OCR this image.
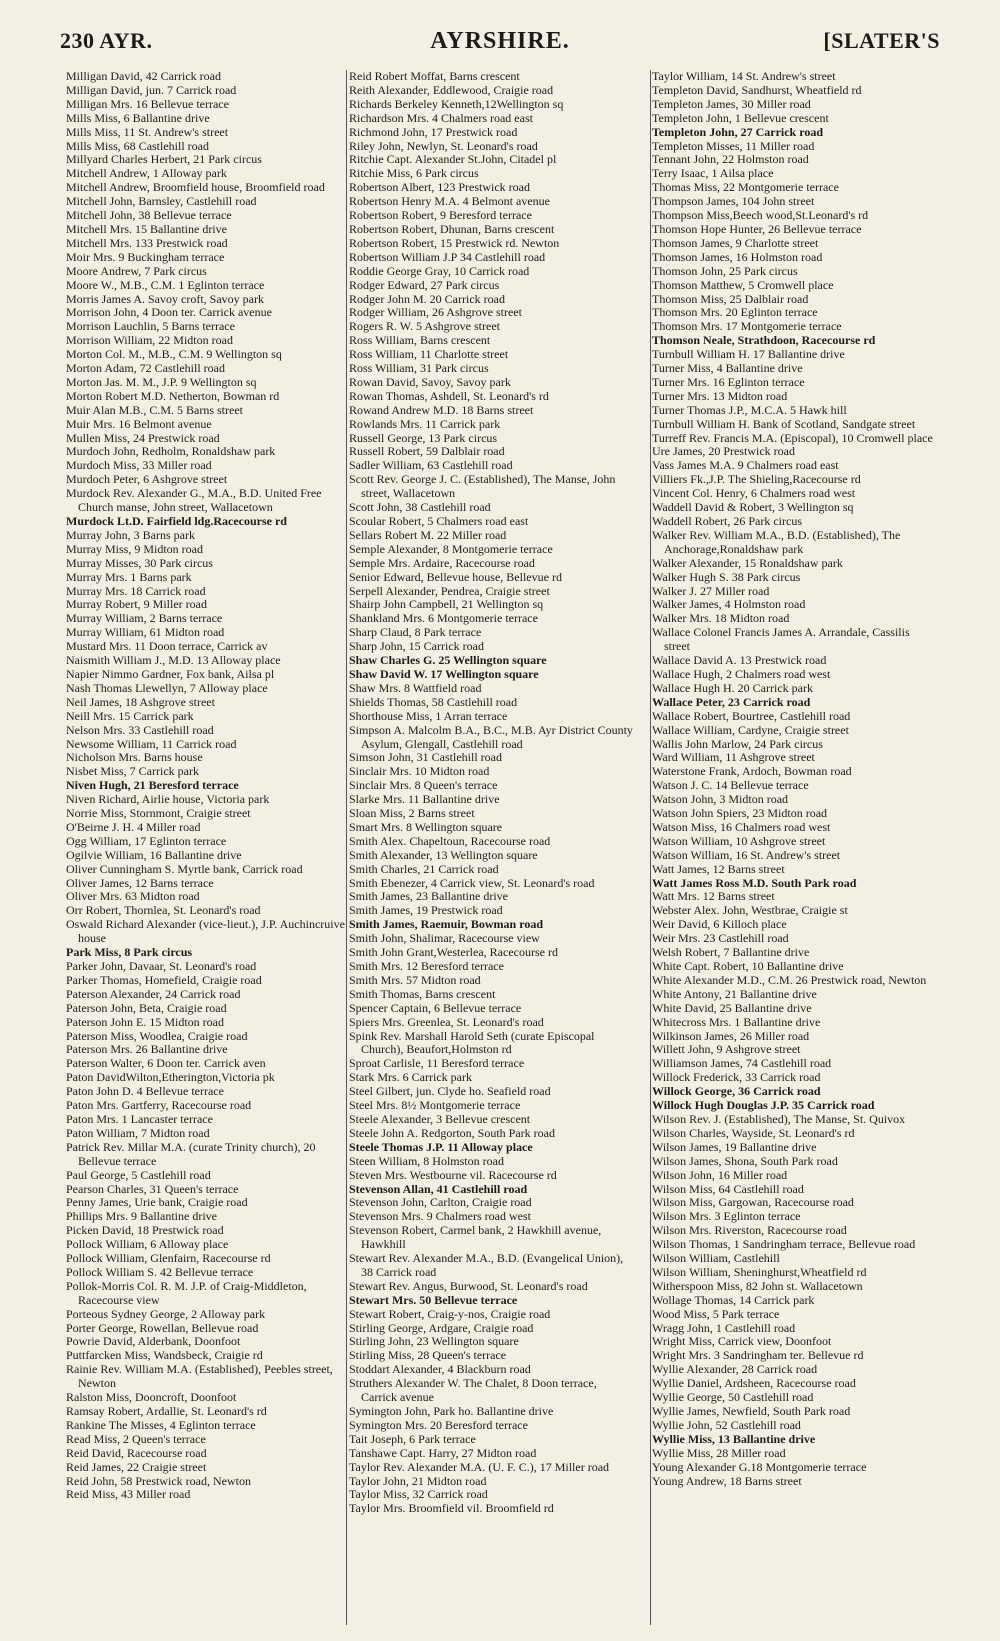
230 AYR.	AYRSHIRE.	[SLATER'S
Milligan David, 42 Carrick road
Milligan David, jun. 7 Carrick road
Milligan Mrs. 16 Bellevue terrace
Mills Miss, 6 Ballantine drive
Mills Miss, 11 St. Andrew's street
Mills Miss, 68 Castlehill road
Millyard Charles Herbert, 21 Park circus
Mitchell Andrew, 1 Alloway park
Mitchell Andrew, Broomfield house, Broomfield road
Mitchell John, Barnsley, Castlehill road
Mitchell John, 38 Bellevue terrace
Mitchell Mrs. 15 Ballantine drive
Mitchell Mrs. 133 Prestwick road
Moir Mrs. 9 Buckingham terrace
Moore Andrew, 7 Park circus
Moore W., M.B., C.M. 1 Eglinton terrace
Morris James A. Savoy croft, Savoy park
Morrison John, 4 Doon ter. Carrick avenue
Morrison Lauchlin, 5 Barns terrace
Morrison William, 22 Midton road
Morton Col. M., M.B., C.M. 9 Wellington sq
Morton Adam, 72 Castlehill road
Morton Jas. M. M., J.P. 9 Wellington sq
Morton Robert M.D. Netherton, Bowman rd
Muir Alan M.B., C.M. 5 Barns street
Muir Mrs. 16 Belmont avenue
Mullen Miss, 24 Prestwick road
Murdoch John, Redholm, Ronaldshaw park
Murdoch Miss, 33 Miller road
Murdoch Peter, 6 Ashgrove street
Murdock Rev. Alexander G., M.A., B.D. United Free Church manse, John street, Wallacetown
Murdock Lt.D. Fairfield ldg.Racecourse rd
Murray John, 3 Barns park
Murray Miss, 9 Midton road
Murray Misses, 30 Park circus
Murray Mrs. 1 Barns park
Murray Mrs. 18 Carrick road
Murray Robert, 9 Miller road
Murray William, 2 Barns terrace
Murray William, 61 Midton road
Mustard Mrs. 11 Doon terrace, Carrick av
Naismith William J., M.D. 13 Alloway place
Napier Nimmo Gardner, Fox bank, Ailsa pl
Nash Thomas Llewellyn, 7 Alloway place
Neil James, 18 Ashgrove street
Neill Mrs. 15 Carrick park
Nelson Mrs. 33 Castlehill road
Newsome William, 11 Carrick road
Nicholson Mrs. Barns house
Nisbet Miss, 7 Carrick park
Niven Hugh, 21 Beresford terrace
Niven Richard, Airlie house, Victoria park
Norrie Miss, Stornmont, Craigie street
O'Beirne J. H. 4 Miller road
Ogg William, 17 Eglinton terrace
Ogilvie William, 16 Ballantine drive
Oliver Cunningham S. Myrtle bank, Carrick road
Oliver James, 12 Barns terrace
Oliver Mrs. 63 Midton road
Orr Robert, Thornlea, St. Leonard's road
Oswald Richard Alexander (vice-lieut.), J.P. Auchincruive house
Park Miss, 8 Park circus
Parker John, Davaar, St. Leonard's road
Parker Thomas, Homefield, Craigie road
Paterson Alexander, 24 Carrick road
Paterson John, Beta, Craigie road
Paterson John E. 15 Midton road
Paterson Miss, Woodlea, Craigie road
Paterson Mrs. 26 Ballantine drive
Paterson Walter, 6 Doon ter. Carrick aven
Paton DavidWilton,Etherington,Victoria pk
Paton John D. 4 Bellevue terrace
Paton Mrs. Gartferry, Racecourse road
Paton Mrs. 1 Lancaster terrace
Paton William, 7 Midton road
Patrick Rev. Millar M.A. (curate Trinity church), 20 Bellevue terrace
Paul George, 5 Castlehill road
Pearson Charles, 31 Queen's terrace
Penny James, Urie bank, Craigie road
Phillips Mrs. 9 Ballantine drive
Picken David, 18 Prestwick road
Pollock William, 6 Alloway place
Pollock William, Glenfairn, Racecourse rd
Pollock William S. 42 Bellevue terrace
Pollok-Morris Col. R. M. J.P. of Craig-Middleton, Racecourse view
Porteous Sydney George, 2 Alloway park
Porter George, Rowellan, Bellevue road
Powrie David, Alderbank, Doonfoot
Puttfarcken Miss, Wandsbeck, Craigie rd
Rainie Rev. William M.A. (Established), Peebles street, Newton
Ralston Miss, Dooncroft, Doonfoot
Ramsay Robert, Ardallie, St. Leonard's rd
Rankine The Misses, 4 Eglinton terrace
Read Miss, 2 Queen's terrace
Reid David, Racecourse road
Reid James, 22 Craigie street
Reid John, 58 Prestwick road, Newton
Reid Miss, 43 Miller road
Reid Robert Moffat, Barns crescent
Reith Alexander, Eddlewood, Craigie road
Richards Berkeley Kenneth,12Wellington sq
Richardson Mrs. 4 Chalmers road east
Richmond John, 17 Prestwick road
Riley John, Newlyn, St. Leonard's road
Ritchie Capt. Alexander St.John, Citadel pl
Ritchie Miss, 6 Park circus
Robertson Albert, 123 Prestwick road
Robertson Henry M.A. 4 Belmont avenue
Robertson Robert, 9 Beresford terrace
Robertson Robert, Dhunan, Barns crescent
Robertson Robert, 15 Prestwick rd. Newton
Robertson William J.P 34 Castlehill road
Roddie George Gray, 10 Carrick road
Rodger Edward, 27 Park circus
Rodger John M. 20 Carrick road
Rodger William, 26 Ashgrove street
Rogers R. W. 5 Ashgrove street
Ross William, Barns crescent
Ross William, 11 Charlotte street
Ross William, 31 Park circus
Rowan David, Savoy, Savoy park
Rowan Thomas, Ashdell, St. Leonard's rd
Rowand Andrew M.D. 18 Barns street
Rowlands Mrs. 11 Carrick park
Russell George, 13 Park circus
Russell Robert, 59 Dalblair road
Sadler William, 63 Castlehill road
Scott Rev. George J. C. (Established), The Manse, John street, Wallacetown
Scott John, 38 Castlehill road
Scoular Robert, 5 Chalmers road east
Sellars Robert M. 22 Miller road
Semple Alexander, 8 Montgomerie terrace
Semple Mrs. Ardaire, Racecourse road
Senior Edward, Bellevue house, Bellevue rd
Serpell Alexander, Pendrea, Craigie street
Shairp John Campbell, 21 Wellington sq
Shankland Mrs. 6 Montgomerie terrace
Sharp Claud, 8 Park terrace
Sharp John, 15 Carrick road
Shaw Charles G. 25 Wellington square
Shaw David W. 17 Wellington square
Shaw Mrs. 8 Wattfield road
Shields Thomas, 58 Castlehill road
Shorthouse Miss, 1 Arran terrace
Simpson A. Malcolm B.A., B.C., M.B. Ayr District County Asylum, Glengall, Castlehill road
Simson John, 31 Castlehill road
Sinclair Mrs. 10 Midton road
Sinclair Mrs. 8 Queen's terrace
Slarke Mrs. 11 Ballantine drive
Sloan Miss, 2 Barns street
Smart Mrs. 8 Wellington square
Smith Alex. Chapeltoun, Racecourse road
Smith Alexander, 13 Wellington square
Smith Charles, 21 Carrick road
Smith Ebenezer, 4 Carrick view, St. Leonard's road
Smith James, 23 Ballantine drive
Smith James, 19 Prestwick road
Smith James, Raemuir, Bowman road
Smith John, Shalimar, Racecourse view
Smith John Grant,Westerlea, Racecourse rd
Smith Mrs. 12 Beresford terrace
Smith Mrs. 57 Midton road
Smith Thomas, Barns crescent
Spencer Captain, 6 Bellevue terrace
Spiers Mrs. Greenlea, St. Leonard's road
Spink Rev. Marshall Harold Seth (curate Episcopal Church), Beaufort,Holmston rd
Sproat Carlisle, 11 Beresford terrace
Stark Mrs. 6 Carrick park
Steel Gilbert, jun. Clyde ho. Seafield road
Steel Mrs. 8½ Montgomerie terrace
Steele Alexander, 3 Bellevue crescent
Steele John A. Redgorton, South Park road
Steele Thomas J.P. 11 Alloway place
Steen William, 8 Holmston road
Steven Mrs. Westbourne vil. Racecourse rd
Stevenson Allan, 41 Castlehill road
Stevenson John, Carlton, Craigie road
Stevenson Mrs. 9 Chalmers road west
Stevenson Robert, Carmel bank, 2 Hawkhill avenue, Hawkhill
Stewart Rev. Alexander M.A., B.D. (Evangelical Union), 38 Carrick road
Stewart Rev. Angus, Burwood, St. Leonard's road
Stewart Mrs. 50 Bellevue terrace
Stewart Robert, Craig-y-nos, Craigie road
Stirling George, Ardgare, Craigie road
Stirling John, 23 Wellington square
Stirling Miss, 28 Queen's terrace
Stoddart Alexander, 4 Blackburn road
Struthers Alexander W. The Chalet, 8 Doon terrace, Carrick avenue
Symington John, Park ho. Ballantine drive
Symington Mrs. 20 Beresford terrace
Tait Joseph, 6 Park terrace
Tanshawe Capt. Harry, 27 Midton road
Taylor Rev. Alexander M.A. (U. F. C.), 17 Miller road
Taylor John, 21 Midton road
Taylor Miss, 32 Carrick road
Taylor Mrs. Broomfield vil. Broomfield rd
Taylor William, 14 St. Andrew's street
Templeton David, Sandhurst, Wheatfield rd
Templeton James, 30 Miller road
Templeton John, 1 Bellevue crescent
Templeton John, 27 Carrick road
Templeton Misses, 11 Miller road
Tennant John, 22 Holmston road
Terry Isaac, 1 Ailsa place
Thomas Miss, 22 Montgomerie terrace
Thompson James, 104 John street
Thompson Miss,Beech wood,St.Leonard's rd
Thomson Hope Hunter, 26 Bellevue terrace
Thomson James, 9 Charlotte street
Thomson James, 16 Holmston road
Thomson John, 25 Park circus
Thomson Matthew, 5 Cromwell place
Thomson Miss, 25 Dalblair road
Thomson Mrs. 20 Eglinton terrace
Thomson Mrs. 17 Montgomerie terrace
Thomson Neale, Strathdoon, Racecourse rd
Turnbull William H. 17 Ballantine drive
Turner Miss, 4 Ballantine drive
Turner Mrs. 16 Eglinton terrace
Turner Mrs. 13 Midton road
Turner Thomas J.P., M.C.A. 5 Hawk hill
Turnbull William H. Bank of Scotland, Sandgate street
Turreff Rev. Francis M.A. (Episcopal), 10 Cromwell place
Ure James, 20 Prestwick road
Vass James M.A. 9 Chalmers road east
Villiers Fk.,J.P. The Shieling,Racecourse rd
Vincent Col. Henry, 6 Chalmers road west
Waddell David & Robert, 3 Wellington sq
Waddell Robert, 26 Park circus
Walker Rev. William M.A., B.D. (Established), The Anchorage,Ronaldshaw park
Walker Alexander, 15 Ronaldshaw park
Walker Hugh S. 38 Park circus
Walker J. 27 Miller road
Walker James, 4 Holmston road
Walker Mrs. 18 Midton road
Wallace Colonel Francis James A. Arrandale, Cassilis street
Wallace David A. 13 Prestwick road
Wallace Hugh, 2 Chalmers road west
Wallace Hugh H. 20 Carrick park
Wallace Peter, 23 Carrick road
Wallace Robert, Bourtree, Castlehill road
Wallace William, Cardyne, Craigie street
Wallis John Marlow, 24 Park circus
Ward William, 11 Ashgrove street
Waterstone Frank, Ardoch, Bowman road
Watson J. C. 14 Bellevue terrace
Watson John, 3 Midton road
Watson John Spiers, 23 Midton road
Watson Miss, 16 Chalmers road west
Watson William, 10 Ashgrove street
Watson William, 16 St. Andrew's street
Watt James, 12 Barns street
Watt James Ross M.D. South Park road
Watt Mrs. 12 Barns street
Webster Alex. John, Westbrae, Craigie st
Weir David, 6 Killoch place
Weir Mrs. 23 Castlehill road
Welsh Robert, 7 Ballantine drive
White Capt. Robert, 10 Ballantine drive
White Alexander M.D., C.M. 26 Prestwick road, Newton
White Antony, 21 Ballantine drive
White David, 25 Ballantine drive
Whitecross Mrs. 1 Ballantine drive
Wilkinson James, 26 Miller road
Willett John, 9 Ashgrove street
Williamson James, 74 Castlehill road
Willock Frederick, 33 Carrick road
Willock George, 36 Carrick road
Willock Hugh Douglas J.P. 35 Carrick road
Wilson Rev. J. (Established), The Manse, St. Quivox
Wilson Charles, Wayside, St. Leonard's rd
Wilson James, 19 Ballantine drive
Wilson James, Shona, South Park road
Wilson John, 16 Miller road
Wilson Miss, 64 Castlehill road
Wilson Miss, Gargowan, Racecourse road
Wilson Mrs. 3 Eglinton terrace
Wilson Mrs. Riverston, Racecourse road
Wilson Thomas, 1 Sandringham terrace, Bellevue road
Wilson William, Castlehill
Wilson William, Sheninghurst,Wheatfield rd
Witherspoon Miss, 82 John st. Wallacetown
Wollage Thomas, 14 Carrick park
Wood Miss, 5 Park terrace
Wragg John, 1 Castlehill road
Wright Miss, Carrick view, Doonfoot
Wright Mrs. 3 Sandringham ter. Bellevue rd
Wyllie Alexander, 28 Carrick road
Wyllie Daniel, Ardsheen, Racecourse road
Wyllie George, 50 Castlehill road
Wyllie James, Newfield, South Park road
Wyllie John, 52 Castlehill road
Wyllie Miss, 13 Ballantine drive
Wyllie Miss, 28 Miller road
Young Alexander G.18 Montgomerie terrace
Young Andrew, 18 Barns street
